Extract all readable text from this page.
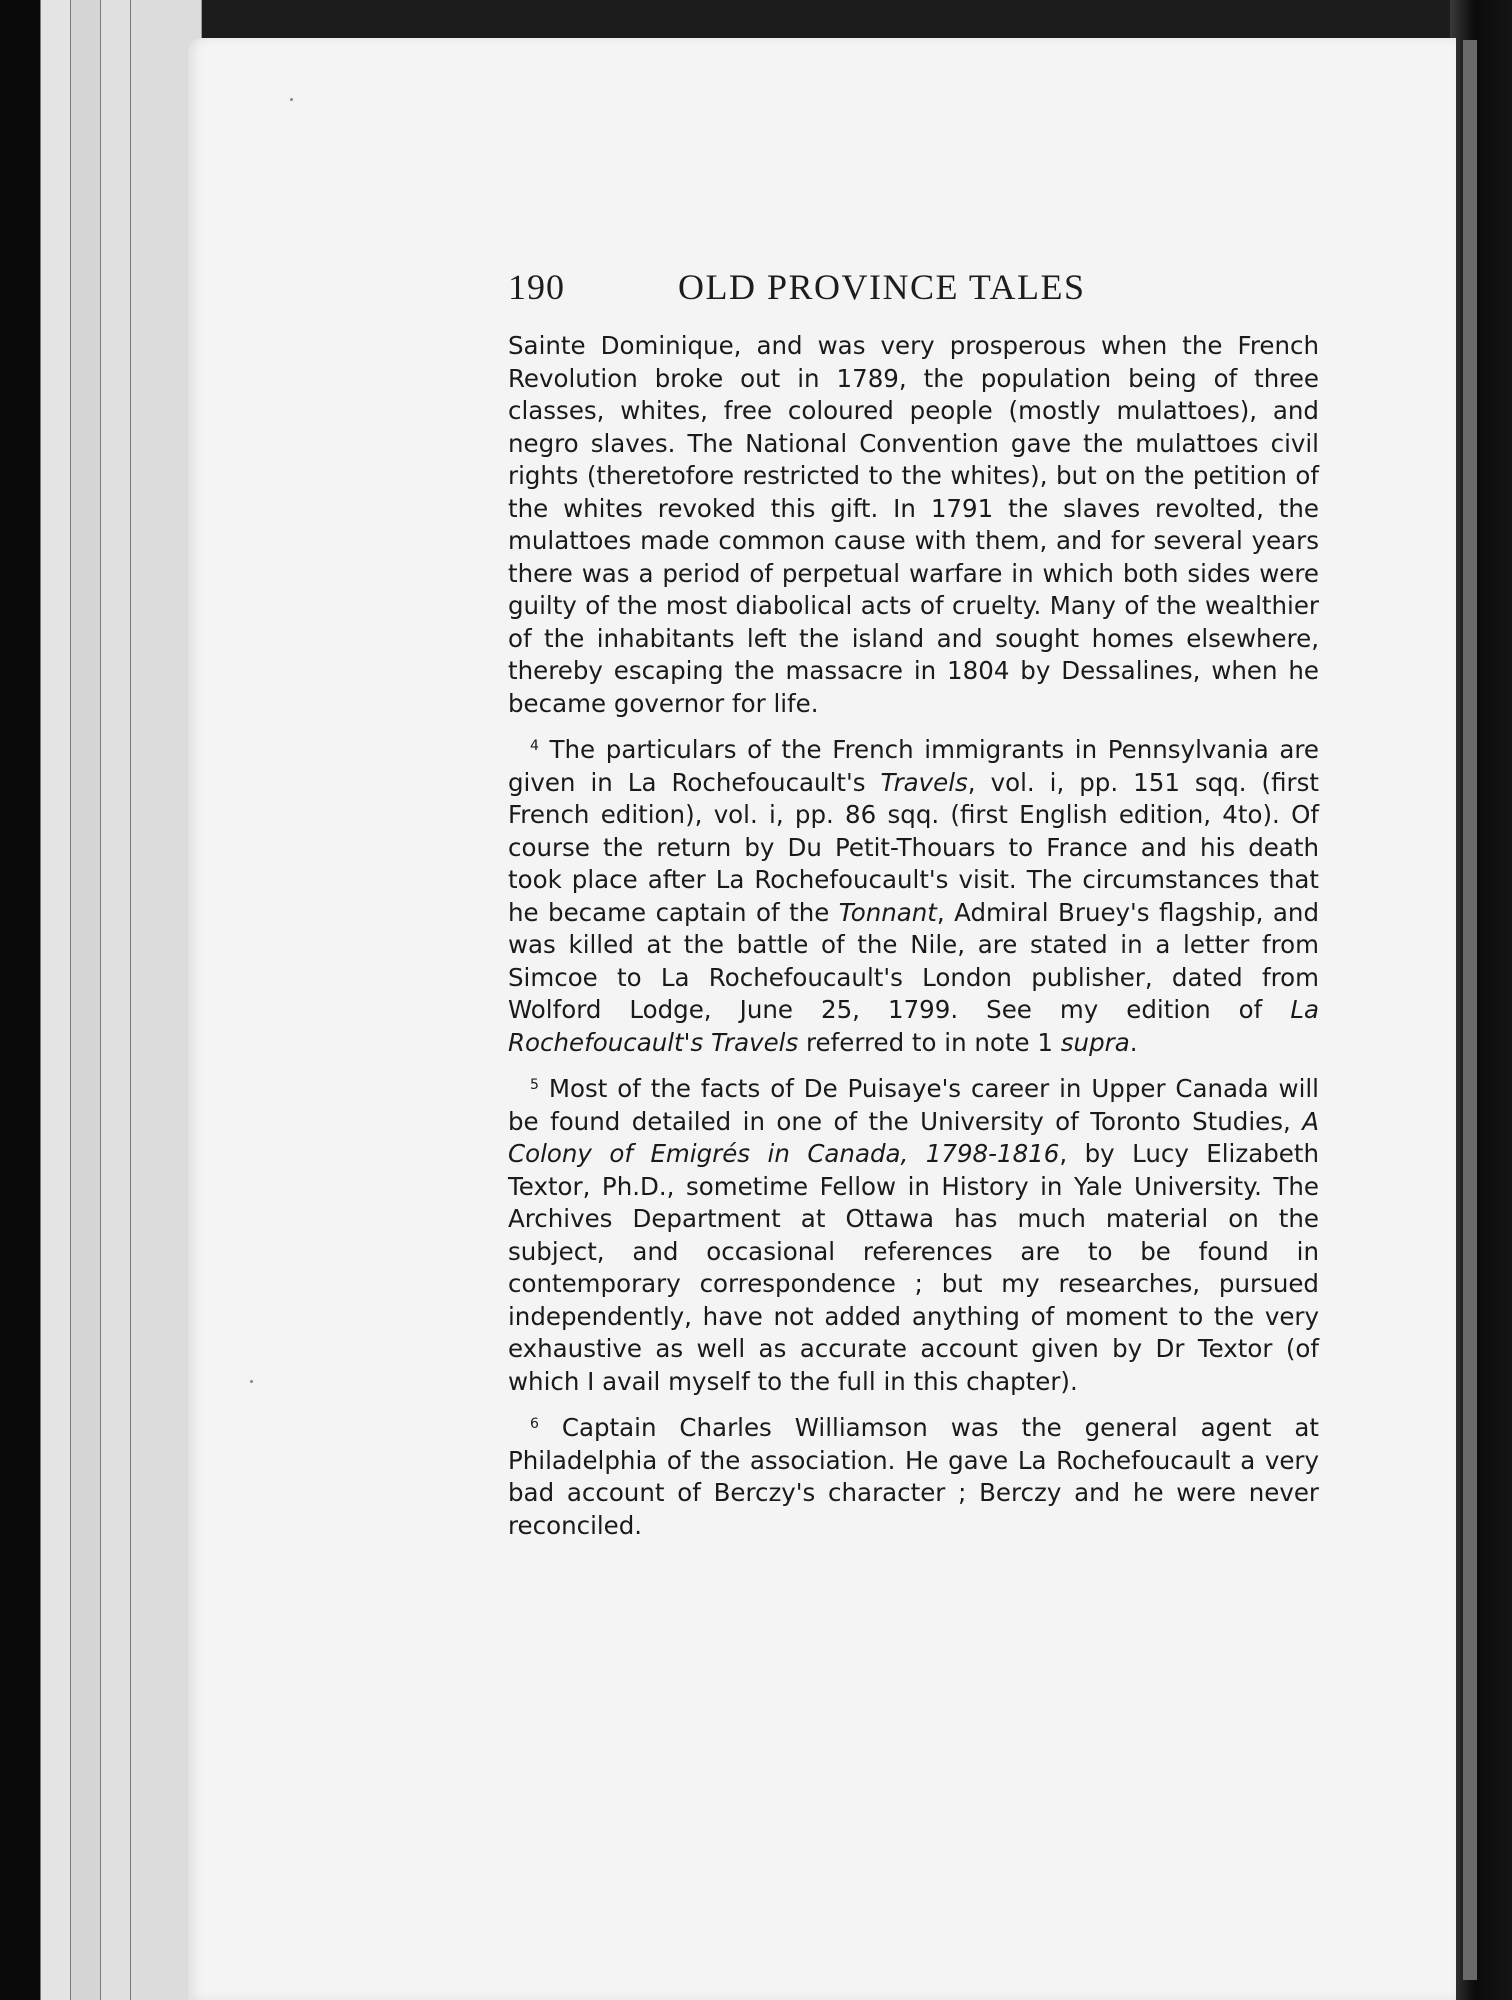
190	OLD PROVINCE TALES

Sainte Dominique, and was very prosperous when the French Revolution broke out in 1789, the population being of three classes, whites, free coloured people (mostly mulattoes), and negro slaves. The National Convention gave the mulattoes civil rights (theretofore restricted to the whites), but on the petition of the whites revoked this gift. In 1791 the slaves revolted, the mulattoes made common cause with them, and for several years there was a period of perpetual warfare in which both sides were guilty of the most diabolical acts of cruelty. Many of the wealthier of the inhabitants left the island and sought homes elsewhere, thereby escaping the massacre in 1804 by Dessalines, when he became governor for life.

$^4$ The particulars of the French immigrants in Pennsylvania are given in La Rochefoucault's Travels, vol. i, pp. 151 sqq. (first French edition), vol. i, pp. 86 sqq. (first English edition, 4to). Of course the return by Du Petit-Thouars to France and his death took place after La Rochefoucault's visit. The circumstances that he became captain of the Tonnant, Admiral Bruey's flagship, and was killed at the battle of the Nile, are stated in a letter from Simcoe to La Rochefoucault's London publisher, dated from Wolford Lodge, June 25, 1799. See my edition of La Rochefoucault's Travels referred to in note 1 supra.

$^5$ Most of the facts of De Puisaye's career in Upper Canada will be found detailed in one of the University of Toronto Studies, A Colony of Emigrés in Canada, 1798-1816, by Lucy Elizabeth Textor, Ph.D., sometime Fellow in History in Yale University. The Archives Department at Ottawa has much material on the subject, and occasional references are to be found in contemporary correspondence ; but my researches, pursued independently, have not added anything of moment to the very exhaustive as well as accurate account given by Dr Textor (of which I avail myself to the full in this chapter).

$^6$ Captain Charles Williamson was the general agent at Philadelphia of the association. He gave La Rochefoucault a very bad account of Berczy's character ; Berczy and he were never reconciled.
